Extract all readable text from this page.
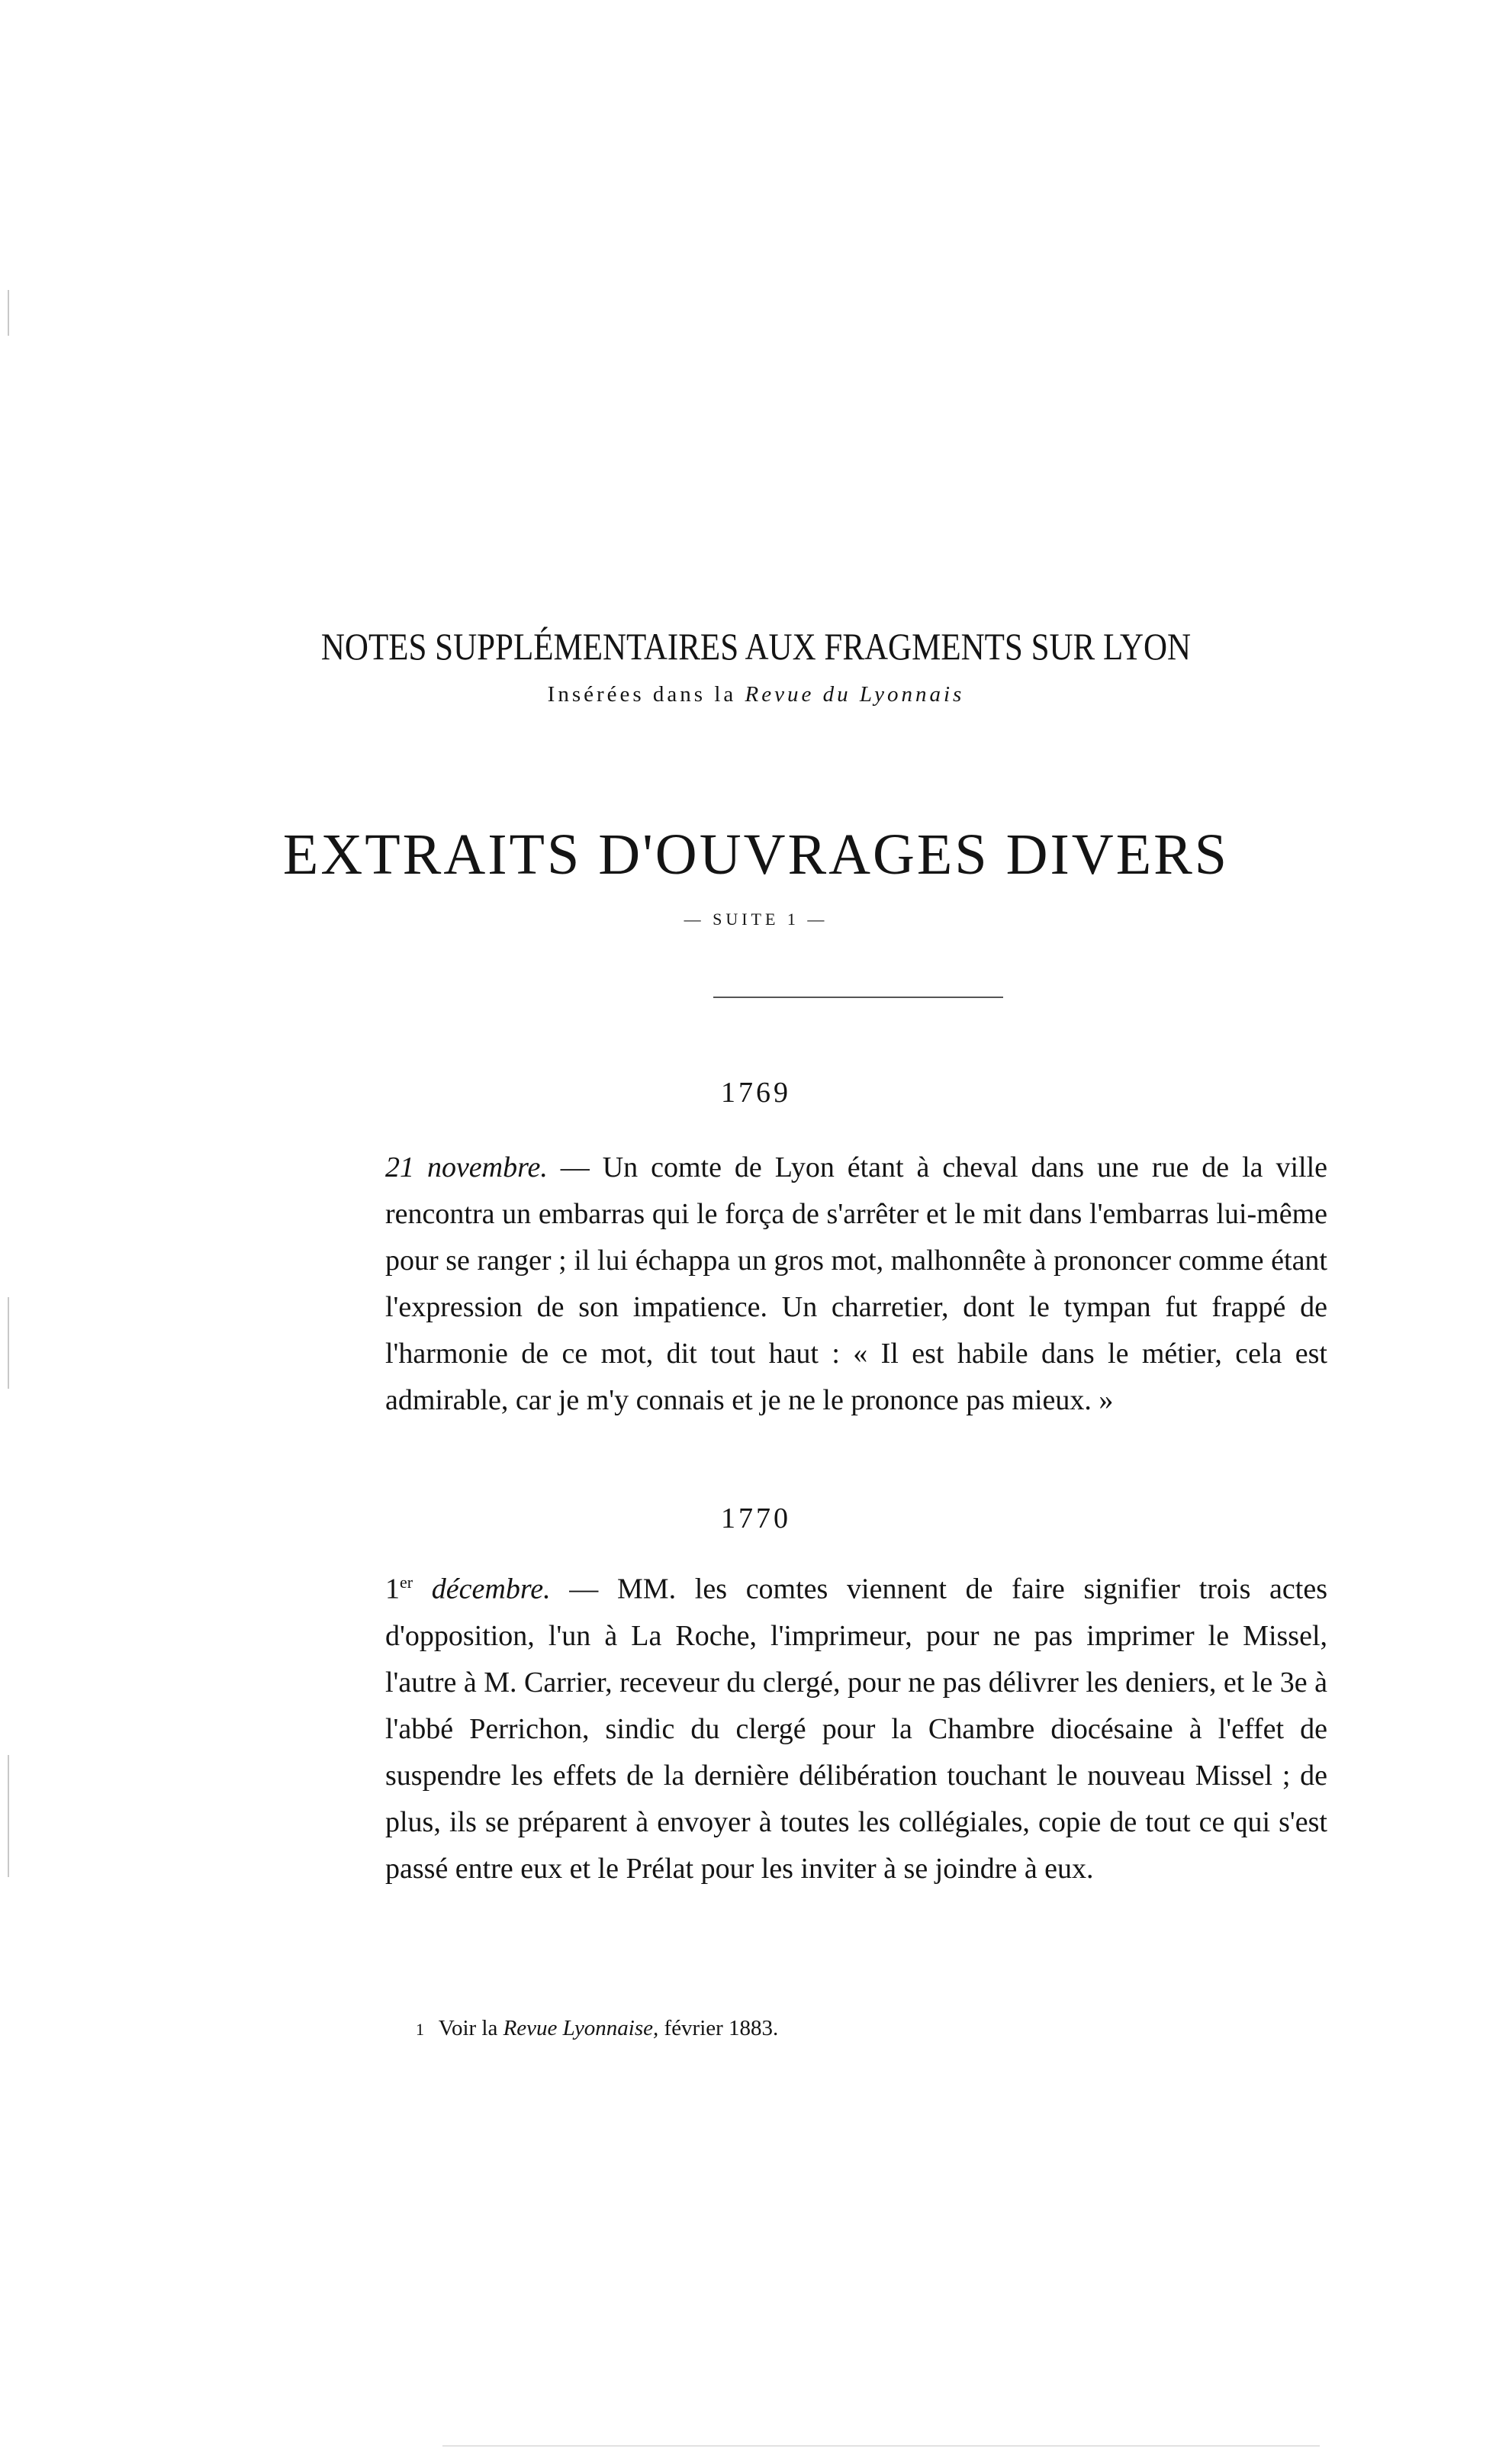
NOTES SUPPLÉMENTAIRES AUX FRAGMENTS SUR LYON
Insérées dans la Revue du Lyonnais
EXTRAITS D'OUVRAGES DIVERS
— SUITE 1 —
1769
21 novembre. — Un comte de Lyon étant à cheval dans une rue de la ville rencontra un embarras qui le força de s'arrêter et le mit dans l'embarras lui-même pour se ranger ; il lui échappa un gros mot, malhonnête à prononcer comme étant l'expression de son impatience. Un charretier, dont le tympan fut frappé de l'harmonie de ce mot, dit tout haut : « Il est habile dans le métier, cela est admirable, car je m'y connais et je ne le prononce pas mieux. »
1770
1er décembre. — MM. les comtes viennent de faire signifier trois actes d'opposition, l'un à La Roche, l'imprimeur, pour ne pas imprimer le Missel, l'autre à M. Carrier, receveur du clergé, pour ne pas délivrer les deniers, et le 3e à l'abbé Perrichon, sindic du clergé pour la Chambre diocésaine à l'effet de suspendre les effets de la dernière délibération touchant le nouveau Missel ; de plus, ils se préparent à envoyer à toutes les collégiales, copie de tout ce qui s'est passé entre eux et le Prélat pour les inviter à se joindre à eux.
1 Voir la Revue Lyonnaise, février 1883.
